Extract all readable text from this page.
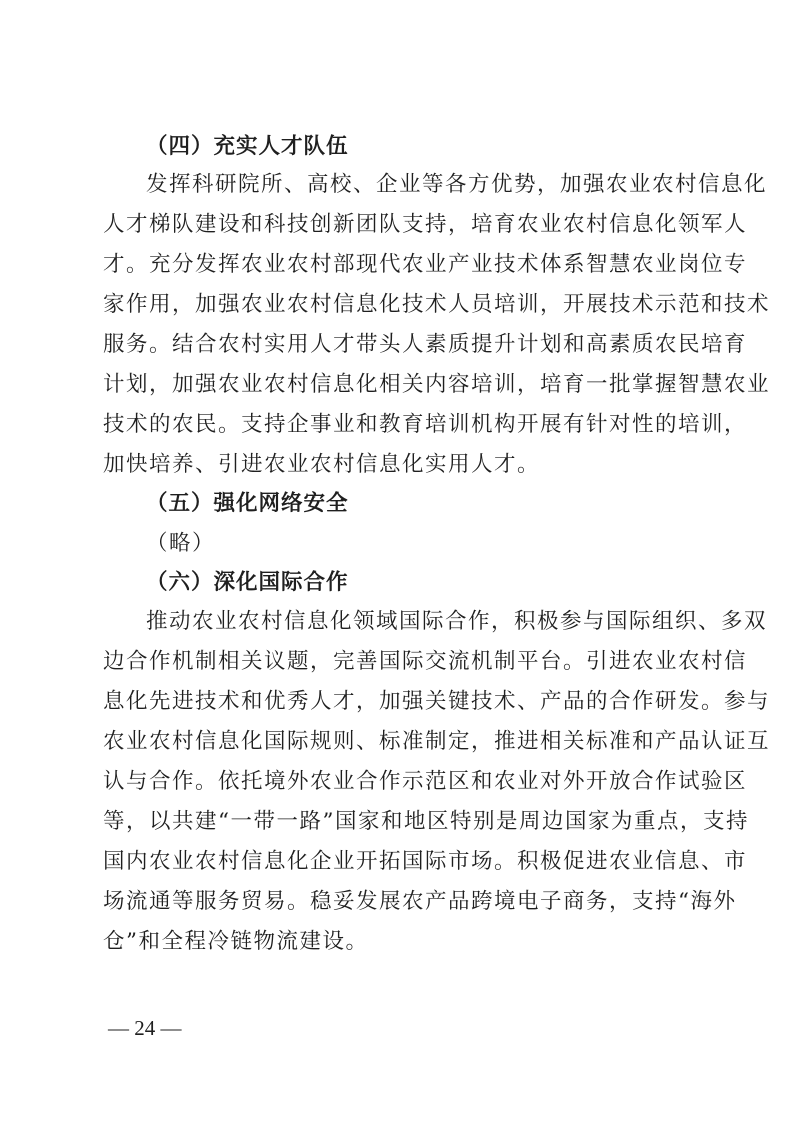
（四）充实人才队伍
发挥科研院所、高校、企业等各方优势，加强农业农村信息化
人才梯队建设和科技创新团队支持，培育农业农村信息化领军人
才。充分发挥农业农村部现代农业产业技术体系智慧农业岗位专
家作用，加强农业农村信息化技术人员培训，开展技术示范和技术
服务。结合农村实用人才带头人素质提升计划和高素质农民培育
计划，加强农业农村信息化相关内容培训，培育一批掌握智慧农业
技术的农民。支持企事业和教育培训机构开展有针对性的培训，
加快培养、引进农业农村信息化实用人才。
（五）强化网络安全
（略）
（六）深化国际合作
推动农业农村信息化领域国际合作，积极参与国际组织、多双
边合作机制相关议题，完善国际交流机制平台。引进农业农村信
息化先进技术和优秀人才，加强关键技术、产品的合作研发。参与
农业农村信息化国际规则、标准制定，推进相关标准和产品认证互
认与合作。依托境外农业合作示范区和农业对外开放合作试验区
等，以共建“一带一路”国家和地区特别是周边国家为重点，支持
国内农业农村信息化企业开拓国际市场。积极促进农业信息、市
场流通等服务贸易。稳妥发展农产品跨境电子商务，支持“海外
仓”和全程冷链物流建设。
— 24 —
